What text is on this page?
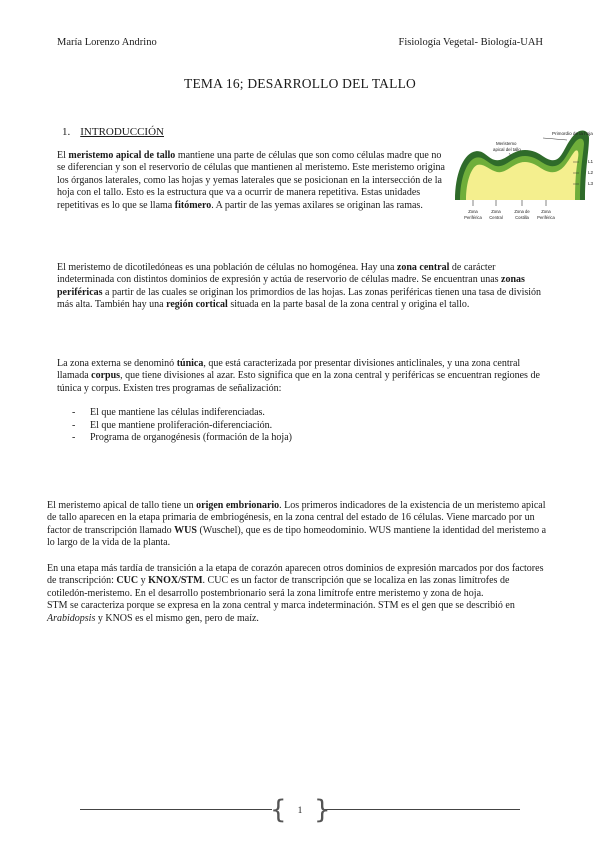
María Lorenzo Andrino	Fisiología Vegetal- Biología-UAH
TEMA 16; DESARROLLO DEL TALLO
1. INTRODUCCIÓN

El meristemo apical de tallo mantiene una parte de células que son como células madre que no se diferencian y son el reservorio de células que mantienen al meristemo. Este meristemo origina los órganos laterales, como las hojas y yemas laterales que se posicionan en la intersección de la hoja con el tallo. Esto es la estructura que va a ocurrir de manera repetitiva. Estas unidades repetitivas es lo que se llama fitómero. A partir de las yemas axilares se originan las ramas.

Primordio de la hoja
Meristemo
apical del tallo
L1
L2
L3
Zona
Periférica
Zona
Central
Zona de
Costilla
Zona
Periférica

El meristemo de dicotiledóneas es una población de células no homogénea. Hay una zona central de carácter indeterminada con distintos dominios de expresión y actúa de reservorio de células madre. Se encuentran unas zonas periféricas a partir de las cuales se originan los primordios de las hojas. Las zonas periféricas tienen una tasa de división más alta. También hay una región cortical situada en la parte basal de la zona central y origina el tallo.

La zona externa se denominó túnica, que está caracterizada por presentar divisiones anticlinales, y una zona central llamada corpus, que tiene divisiones al azar. Esto significa que en la zona central y periféricas se encuentran regiones de túnica y corpus. Existen tres programas de señalización:

- El que mantiene las células indiferenciadas.
- El que mantiene proliferación-diferenciación.
- Programa de organogénesis (formación de la hoja)

El meristemo apical de tallo tiene un origen embrionario. Los primeros indicadores de la existencia de un meristemo apical de tallo aparecen en la etapa primaria de embriogénesis, en la zona central del estado de 16 células. Viene marcado por un factor de transcripción llamado WUS (Wuschel), que es de tipo homeodominio. WUS mantiene la identidad del meristemo a lo largo de la vida de la planta.

En una etapa más tardía de transición a la etapa de corazón aparecen otros dominios de expresión marcados por dos factores de transcripción: CUC y KNOX/STM. CUC es un factor de transcripción que se localiza en las zonas limítrofes de cotiledón-meristemo. En el desarrollo postembrionario será la zona limítrofe entre meristemo y zona de hoja.

STM se caracteriza porque se expresa en la zona central y marca indeterminación. STM es el gen que se describió en Arabidopsis y KNOS es el mismo gen, pero de maíz.

{ }
1
